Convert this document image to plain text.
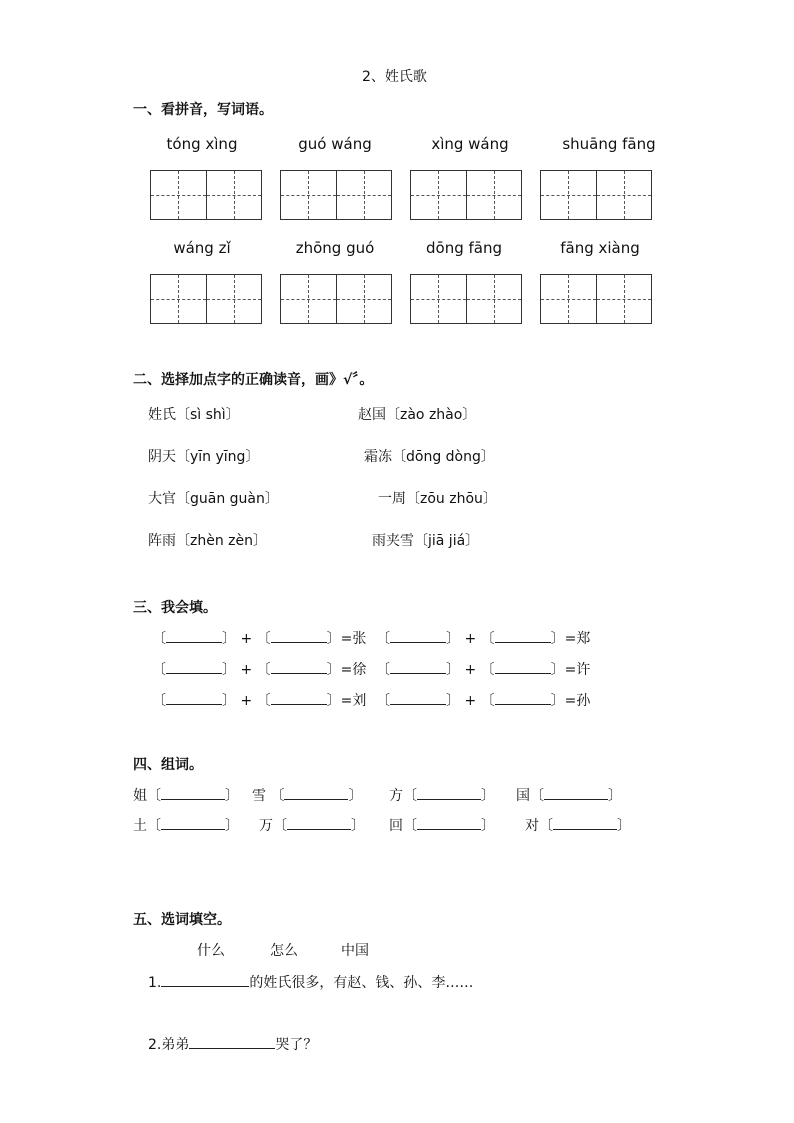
2、姓氏歌
一、看拼音，写词语。
tóng xìng	guó wáng	xìng wáng	shuāng fāng
wáng zǐ	zhōng guó	dōng fāng	fāng xiàng
二、选择加点字的正确读音，画》√〞。
姓氏〔sì shì〕	赵国〔zào zhào〕
阴天〔yīn yīng〕	霜冻〔dōng dòng〕
大官〔guān guàn〕	一周〔zōu zhōu〕
阵雨〔zhèn zèn〕	雨夹雪〔jiā jiá〕
三、我会填。
〔	〕 + 〔	〕=张 〔	〕 + 〔	〕=郑
〔	〕 + 〔	〕=徐 〔	〕 + 〔	〕=许
〔	〕 + 〔	〕=刘 〔	〕 + 〔	〕=孙
四、组词。
姐〔	〕 雪 〔	〕 方〔	〕 国〔	〕
土〔	〕 万〔	〕 回〔	〕 对〔	〕
五、选词填空。
什么	怎么	中国
1.	的姓氏很多，有赵、钱、孙、李……
2.弟弟	哭了？
